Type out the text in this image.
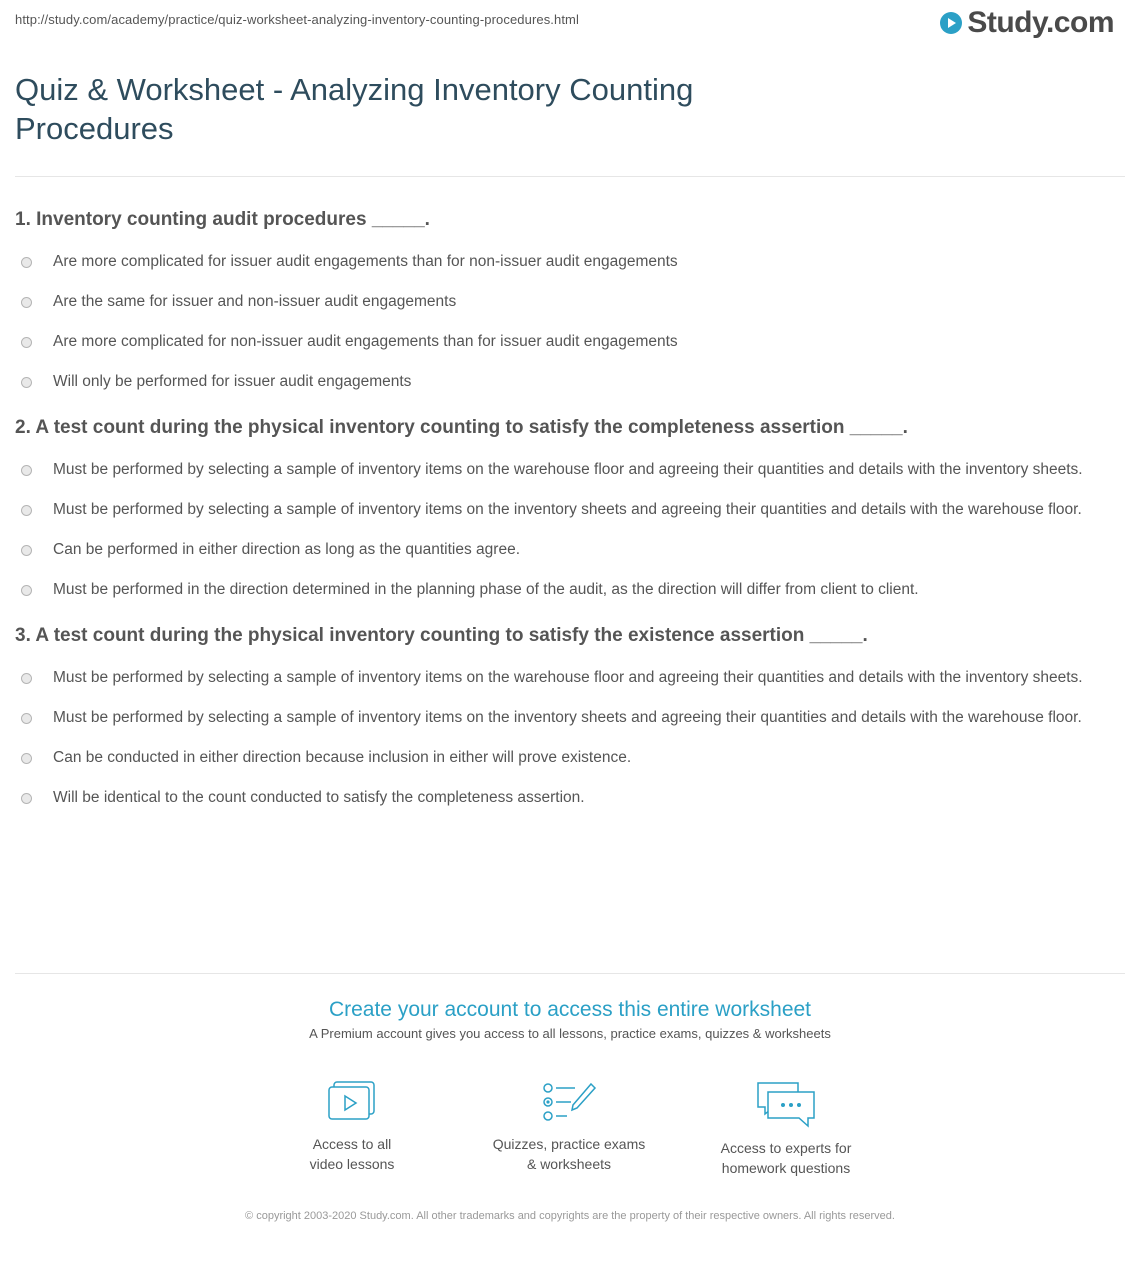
http://study.com/academy/practice/quiz-worksheet-analyzing-inventory-counting-procedures.html	Study.com
Quiz & Worksheet - Analyzing Inventory Counting Procedures
1. Inventory counting audit procedures _____.
Are more complicated for issuer audit engagements than for non-issuer audit engagements
Are the same for issuer and non-issuer audit engagements
Are more complicated for non-issuer audit engagements than for issuer audit engagements
Will only be performed for issuer audit engagements
2. A test count during the physical inventory counting to satisfy the completeness assertion _____.
Must be performed by selecting a sample of inventory items on the warehouse floor and agreeing their quantities and details with the inventory sheets.
Must be performed by selecting a sample of inventory items on the inventory sheets and agreeing their quantities and details with the warehouse floor.
Can be performed in either direction as long as the quantities agree.
Must be performed in the direction determined in the planning phase of the audit, as the direction will differ from client to client.
3. A test count during the physical inventory counting to satisfy the existence assertion _____.
Must be performed by selecting a sample of inventory items on the warehouse floor and agreeing their quantities and details with the inventory sheets.
Must be performed by selecting a sample of inventory items on the inventory sheets and agreeing their quantities and details with the warehouse floor.
Can be conducted in either direction because inclusion in either will prove existence.
Will be identical to the count conducted to satisfy the completeness assertion.

Create your account to access this entire worksheet

A Premium account gives you access to all lessons, practice exams, quizzes & worksheets
Access to all
video lessons
Quizzes, practice exams
& worksheets
Access to experts for
homework questions
© copyright 2003-2020 Study.com. All other trademarks and copyrights are the property of their respective owners. All rights reserved.
